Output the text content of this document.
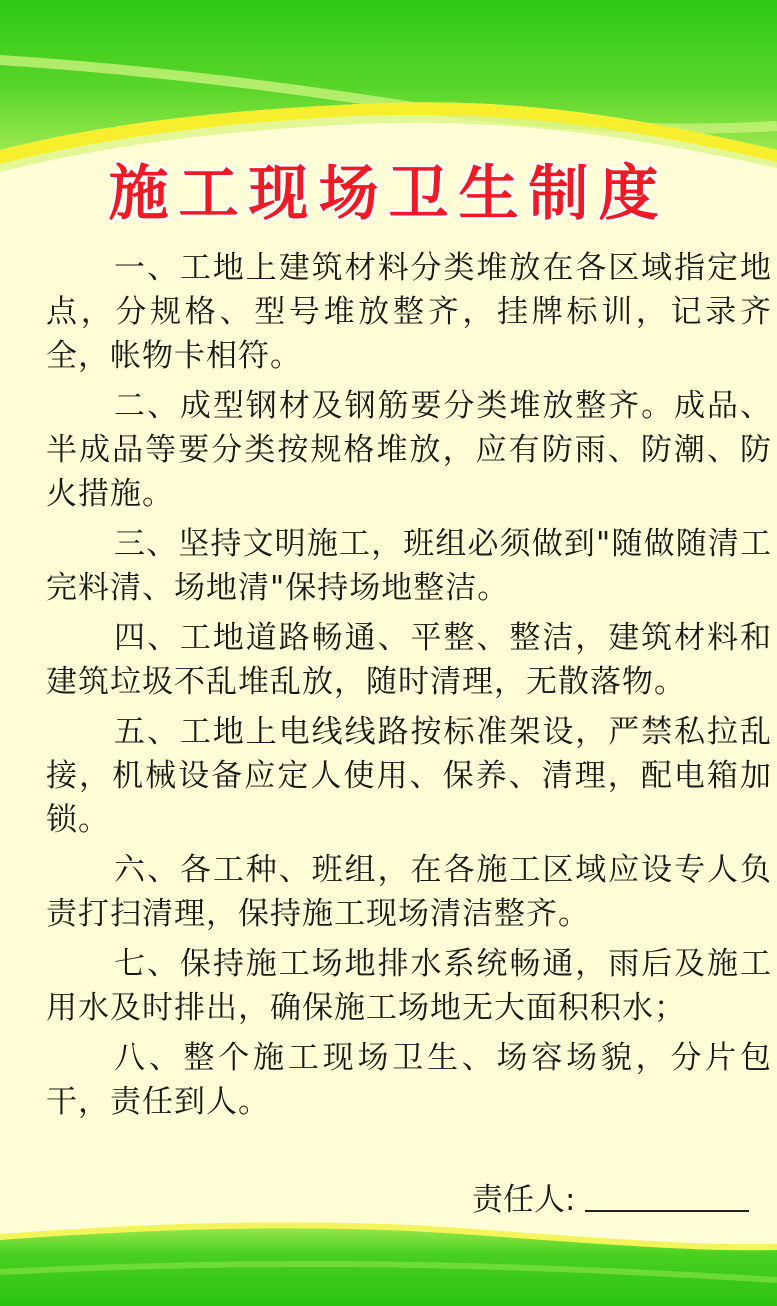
施工现场卫生制度

一、工地上建筑材料分类堆放在各区域指定地点，分规格、型号堆放整齐，挂牌标训，记录齐全，帐物卡相符。

二、成型钢材及钢筋要分类堆放整齐。成品、半成品等要分类按规格堆放，应有防雨、防潮、防火措施。

三、坚持文明施工，班组必须做到"随做随清工完料清、场地清"保持场地整洁。

四、工地道路畅通、平整、整洁，建筑材料和建筑垃圾不乱堆乱放，随时清理，无散落物。

五、工地上电线线路按标准架设，严禁私拉乱接，机械设备应定人使用、保养、清理，配电箱加锁。

六、各工种、班组，在各施工区域应设专人负责打扫清理，保持施工现场清洁整齐。

七、保持施工场地排水系统畅通，雨后及施工用水及时排出，确保施工场地无大面积积水；

八、整个施工现场卫生、场容场貌，分片包干，责任到人。

责任人:
